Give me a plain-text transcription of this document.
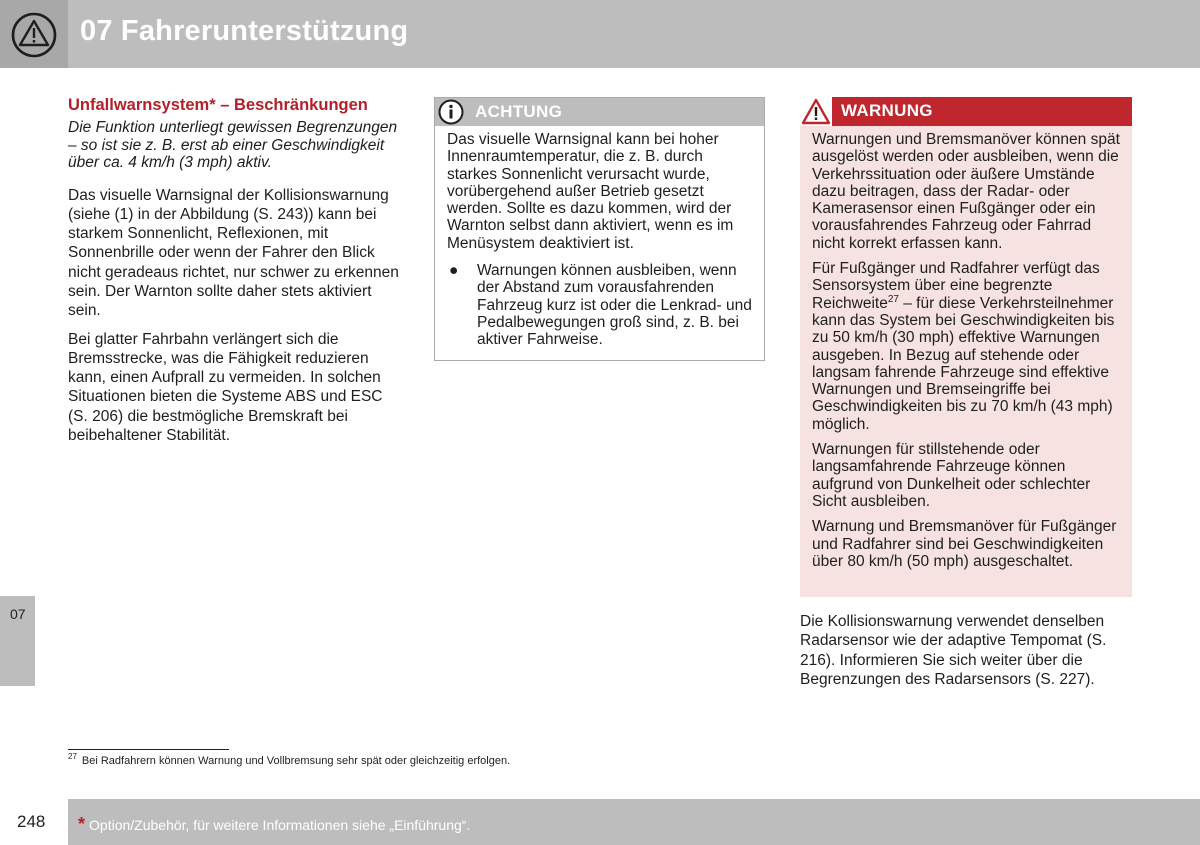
07 Fahrerunterstützung
07
Unfallwarnsystem* – Beschränkungen

Die Funktion unterliegt gewissen Begrenzungen – so ist sie z. B. erst ab einer Geschwindigkeit über ca. 4 km/h (3 mph) aktiv.

Das visuelle Warnsignal der Kollisionswarnung (siehe (1) in der Abbildung (S. 243)) kann bei starkem Sonnenlicht, Reflexionen, mit Sonnenbrille oder wenn der Fahrer den Blick nicht geradeaus richtet, nur schwer zu erkennen sein. Der Warnton sollte daher stets aktiviert sein.

Bei glatter Fahrbahn verlängert sich die Bremsstrecke, was die Fähigkeit reduzieren kann, einen Aufprall zu vermeiden. In solchen Situationen bieten die Systeme ABS und ESC (S. 206) die bestmögliche Bremskraft bei beibehaltener Stabilität.

ACHTUNG

Das visuelle Warnsignal kann bei hoher Innenraumtemperatur, die z. B. durch starkes Sonnenlicht verursacht wurde, vorübergehend außer Betrieb gesetzt werden. Sollte es dazu kommen, wird der Warnton selbst dann aktiviert, wenn es im Menüsystem deaktiviert ist.

●	Warnungen können ausbleiben, wenn der Abstand zum vorausfahrenden Fahrzeug kurz ist oder die Lenkrad- und Pedalbewegungen groß sind, z. B. bei aktiver Fahrweise.
WARNUNG

Warnungen und Bremsmanöver können spät ausgelöst werden oder ausbleiben, wenn die Verkehrssituation oder äußere Umstände dazu beitragen, dass der Radar- oder Kamerasensor einen Fußgänger oder ein vorausfahrendes Fahrzeug oder Fahrrad nicht korrekt erfassen kann.

Für Fußgänger und Radfahrer verfügt das Sensorsystem über eine begrenzte Reichweite$^{27}$ – für diese Verkehrsteilnehmer kann das System bei Geschwindigkeiten bis zu 50 km/h (30 mph) effektive Warnungen ausgeben. In Bezug auf stehende oder langsam fahrende Fahrzeuge sind effektive Warnungen und Bremseingriffe bei Geschwindigkeiten bis zu 70 km/h (43 mph) möglich.

Warnungen für stillstehende oder langsamfahrende Fahrzeuge können aufgrund von Dunkelheit oder schlechter Sicht ausbleiben.

Warnung und Bremsmanöver für Fußgänger und Radfahrer sind bei Geschwindigkeiten über 80 km/h (50 mph) ausgeschaltet.

Die Kollisionswarnung verwendet denselben Radarsensor wie der adaptive Tempomat (S. 216). Informieren Sie sich weiter über die Begrenzungen des Radarsensors (S. 227).

$^{27}$ Bei Radfahrern können Warnung und Vollbremsung sehr spät oder gleichzeitig erfolgen.
248 * Option/Zubehör, für weitere Informationen siehe „Einführung“.
